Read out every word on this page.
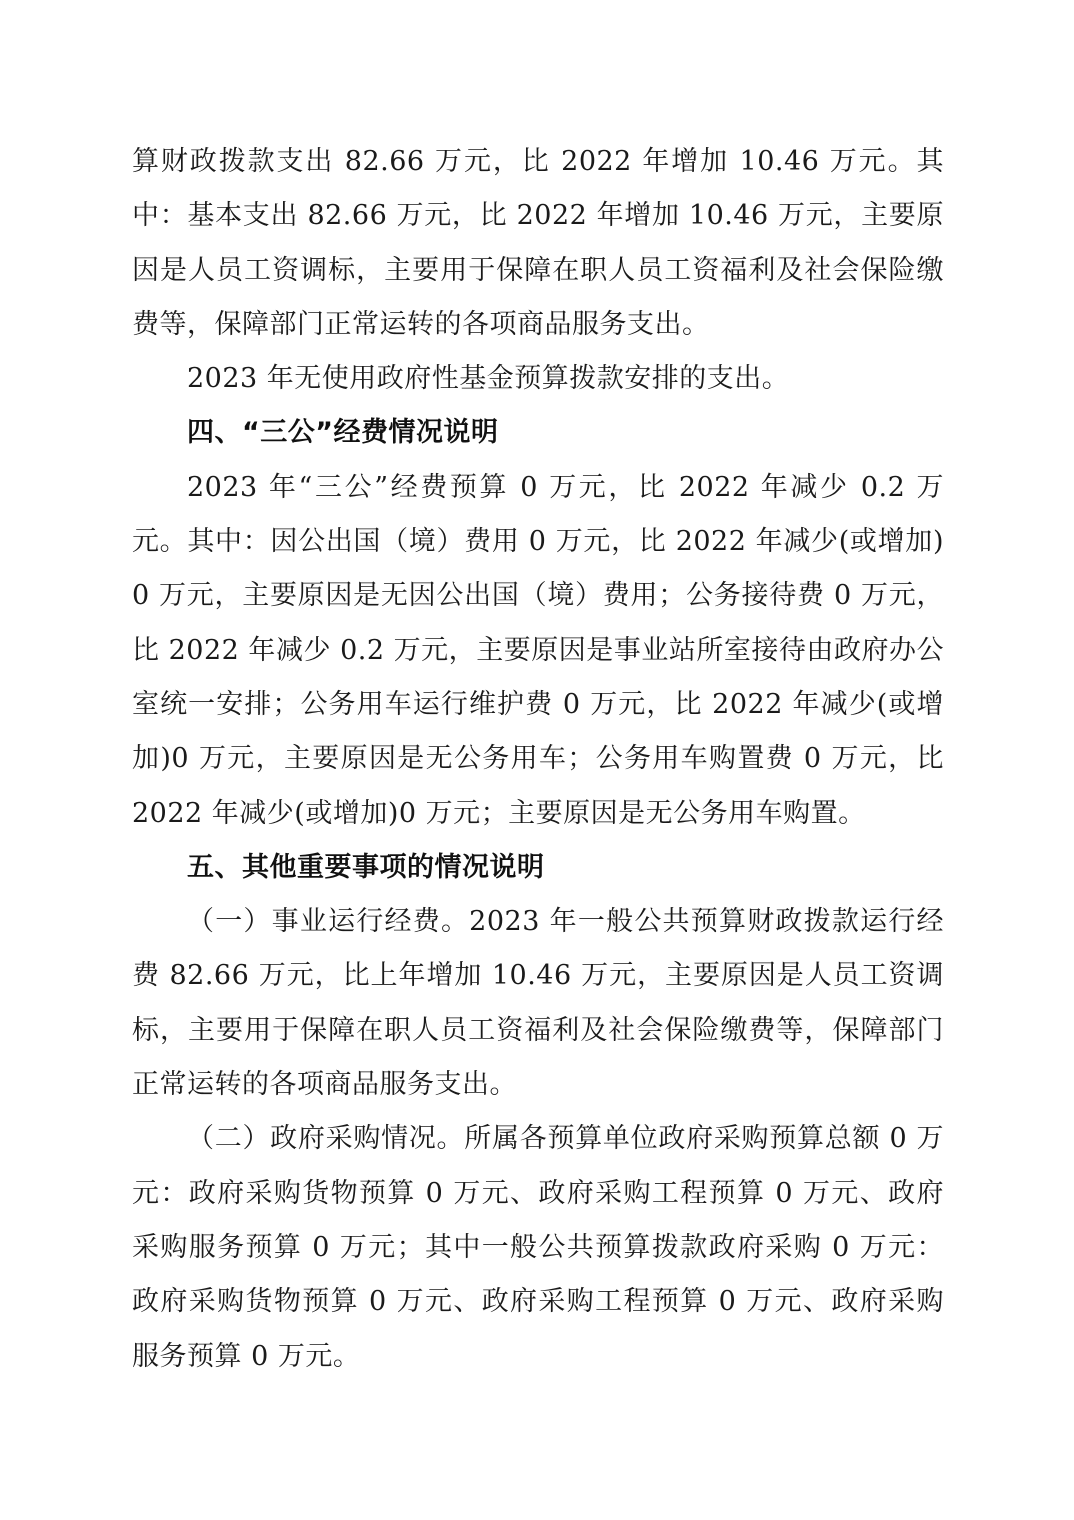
算财政拨款支出 82.66 万元，比 2022 年增加 10.46 万元。其中：基本支出 82.66 万元，比 2022 年增加 10.46 万元，主要原因是人员工资调标，主要用于保障在职人员工资福利及社会保险缴费等，保障部门正常运转的各项商品服务支出。

2023 年无使用政府性基金预算拨款安排的支出。

四、“三公”经费情况说明

2023 年“三公”经费预算 0 万元，比 2022 年减少 0.2 万元。其中：因公出国（境）费用 0 万元，比 2022 年减少(或增加)0 万元，主要原因是无因公出国（境）费用；公务接待费 0 万元，比 2022 年减少 0.2 万元，主要原因是事业站所室接待由政府办公室统一安排；公务用车运行维护费 0 万元，比 2022 年减少(或增加)0 万元，主要原因是无公务用车；公务用车购置费 0 万元，比 2022 年减少(或增加)0 万元；主要原因是无公务用车购置。

五、其他重要事项的情况说明

（一）事业运行经费。2023 年一般公共预算财政拨款运行经费 82.66 万元，比上年增加 10.46 万元，主要原因是人员工资调标，主要用于保障在职人员工资福利及社会保险缴费等，保障部门正常运转的各项商品服务支出。

（二）政府采购情况。所属各预算单位政府采购预算总额 0 万元：政府采购货物预算 0 万元、政府采购工程预算 0 万元、政府采购服务预算 0 万元；其中一般公共预算拨款政府采购 0 万元：政府采购货物预算 0 万元、政府采购工程预算 0 万元、政府采购服务预算 0 万元。
